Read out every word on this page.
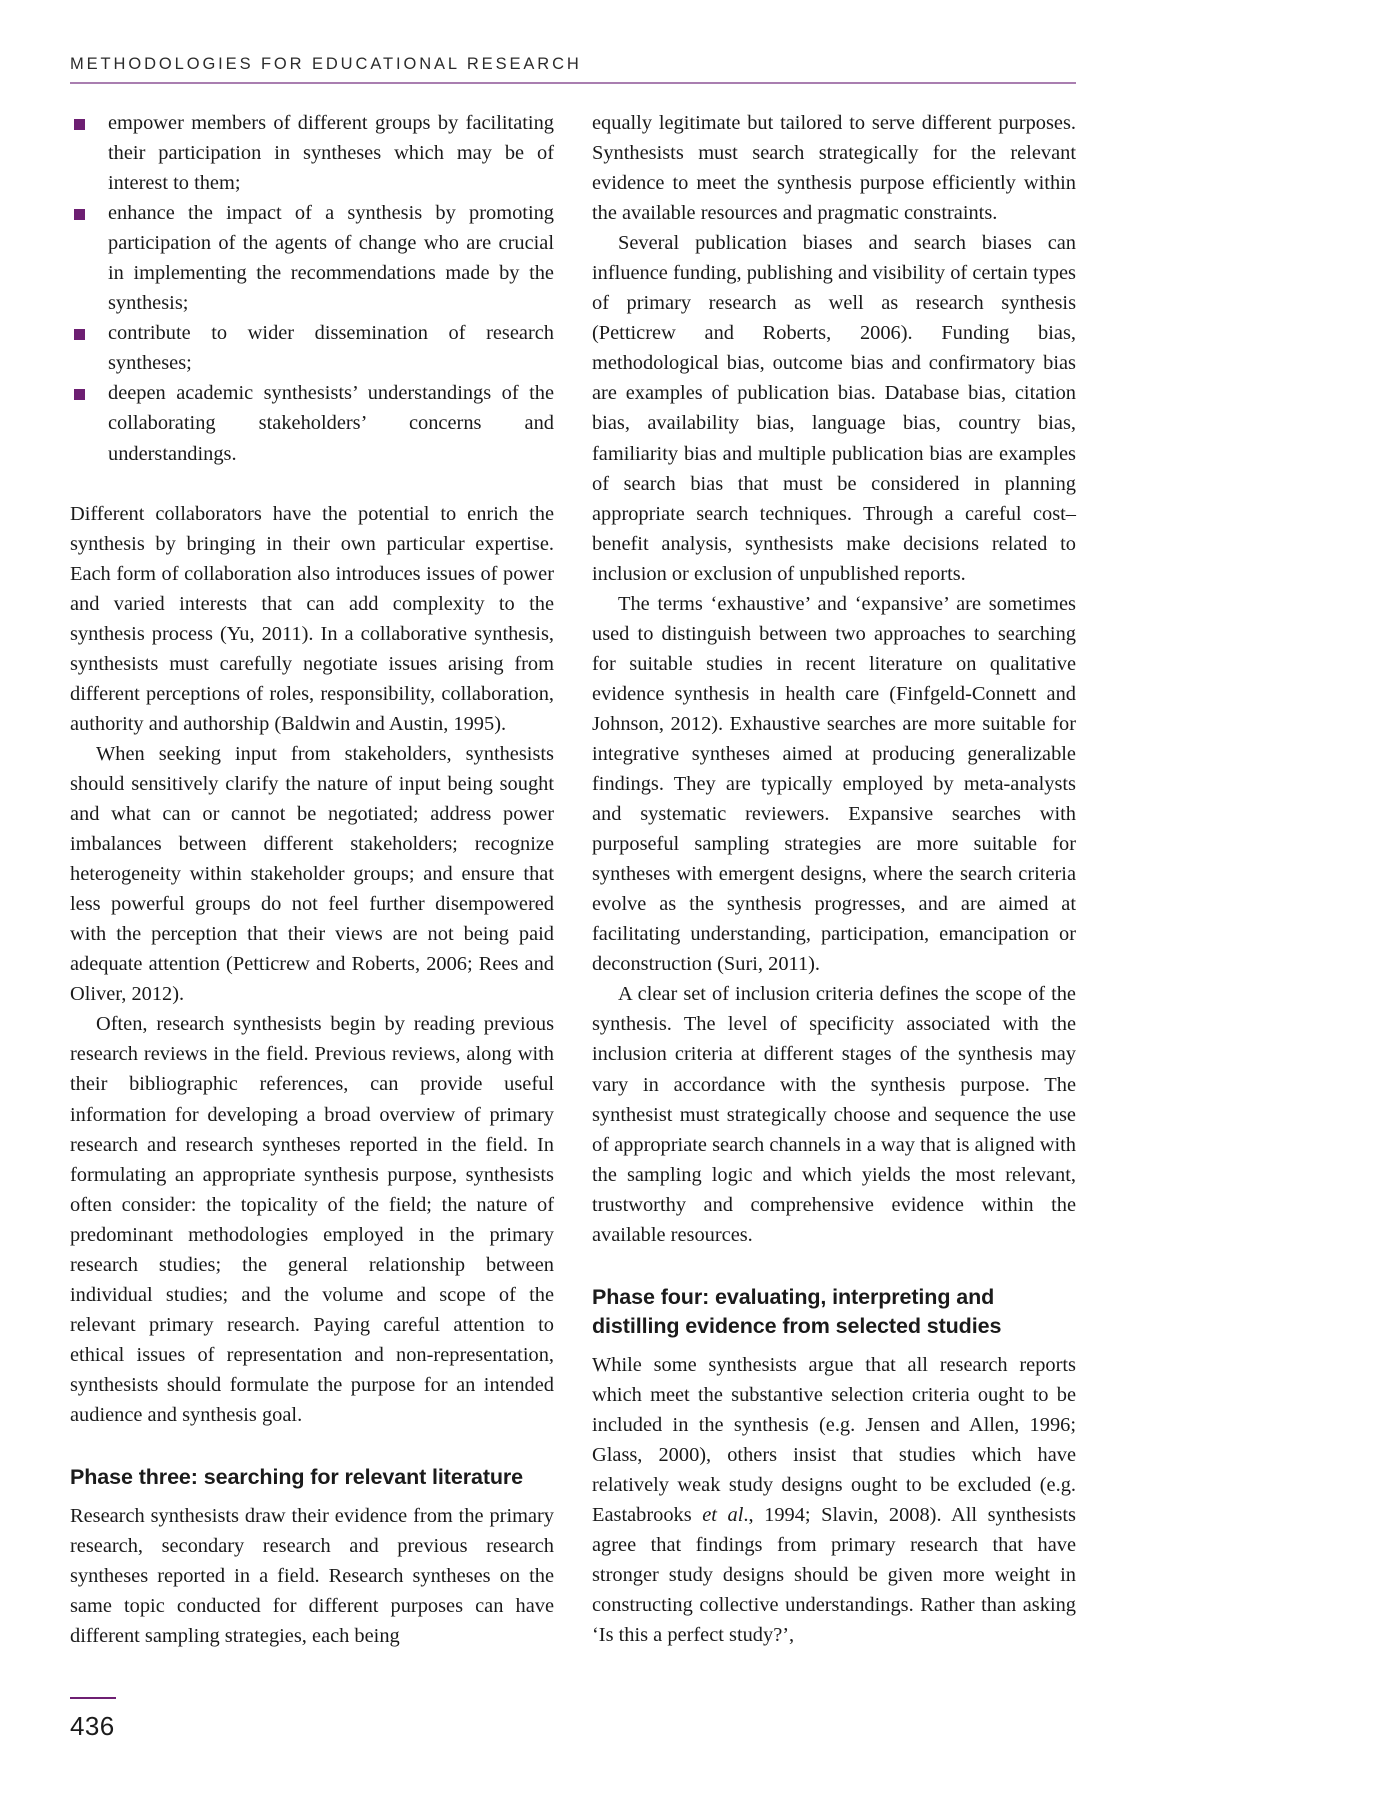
METHODOLOGIES FOR EDUCATIONAL RESEARCH
empower members of different groups by facilitating their participation in syntheses which may be of interest to them;
enhance the impact of a synthesis by promoting participation of the agents of change who are crucial in implementing the recommendations made by the synthesis;
contribute to wider dissemination of research syntheses;
deepen academic synthesists’ understandings of the collaborating stakeholders’ concerns and understandings.

Different collaborators have the potential to enrich the synthesis by bringing in their own particular expertise. Each form of collaboration also introduces issues of power and varied interests that can add complexity to the synthesis process (Yu, 2011). In a collaborative synthesis, synthesists must carefully negotiate issues arising from different perceptions of roles, responsibility, collaboration, authority and authorship (Baldwin and Austin, 1995).

When seeking input from stakeholders, synthesists should sensitively clarify the nature of input being sought and what can or cannot be negotiated; address power imbalances between different stakeholders; recognize heterogeneity within stakeholder groups; and ensure that less powerful groups do not feel further disempowered with the perception that their views are not being paid adequate attention (Petticrew and Roberts, 2006; Rees and Oliver, 2012).

Often, research synthesists begin by reading previous research reviews in the field. Previous reviews, along with their bibliographic references, can provide useful information for developing a broad overview of primary research and research syntheses reported in the field. In formulating an appropriate synthesis purpose, synthesists often consider: the topicality of the field; the nature of predominant methodologies employed in the primary research studies; the general relationship between individual studies; and the volume and scope of the relevant primary research. Paying careful attention to ethical issues of representation and non-representation, synthesists should formulate the purpose for an intended audience and synthesis goal.

Phase three: searching for relevant literature

Research synthesists draw their evidence from the primary research, secondary research and previous research syntheses reported in a field. Research syntheses on the same topic conducted for different purposes can have different sampling strategies, each being

equally legitimate but tailored to serve different purposes. Synthesists must search strategically for the relevant evidence to meet the synthesis purpose efficiently within the available resources and pragmatic constraints.

Several publication biases and search biases can influence funding, publishing and visibility of certain types of primary research as well as research synthesis (Petticrew and Roberts, 2006). Funding bias, methodological bias, outcome bias and confirmatory bias are examples of publication bias. Database bias, citation bias, availability bias, language bias, country bias, familiarity bias and multiple publication bias are examples of search bias that must be considered in planning appropriate search techniques. Through a careful cost–benefit analysis, synthesists make decisions related to inclusion or exclusion of unpublished reports.

The terms ‘exhaustive’ and ‘expansive’ are sometimes used to distinguish between two approaches to searching for suitable studies in recent literature on qualitative evidence synthesis in health care (Finfgeld-Connett and Johnson, 2012). Exhaustive searches are more suitable for integrative syntheses aimed at producing generalizable findings. They are typically employed by meta-analysts and systematic reviewers. Expansive searches with purposeful sampling strategies are more suitable for syntheses with emergent designs, where the search criteria evolve as the synthesis progresses, and are aimed at facilitating understanding, participation, emancipation or deconstruction (Suri, 2011).

A clear set of inclusion criteria defines the scope of the synthesis. The level of specificity associated with the inclusion criteria at different stages of the synthesis may vary in accordance with the synthesis purpose. The synthesist must strategically choose and sequence the use of appropriate search channels in a way that is aligned with the sampling logic and which yields the most relevant, trustworthy and comprehensive evidence within the available resources.

Phase four: evaluating, interpreting and distilling evidence from selected studies

While some synthesists argue that all research reports which meet the substantive selection criteria ought to be included in the synthesis (e.g. Jensen and Allen, 1996; Glass, 2000), others insist that studies which have relatively weak study designs ought to be excluded (e.g. Eastabrooks et al., 1994; Slavin, 2008). All synthesists agree that findings from primary research that have stronger study designs should be given more weight in constructing collective understandings. Rather than asking ‘Is this a perfect study?’,

436
